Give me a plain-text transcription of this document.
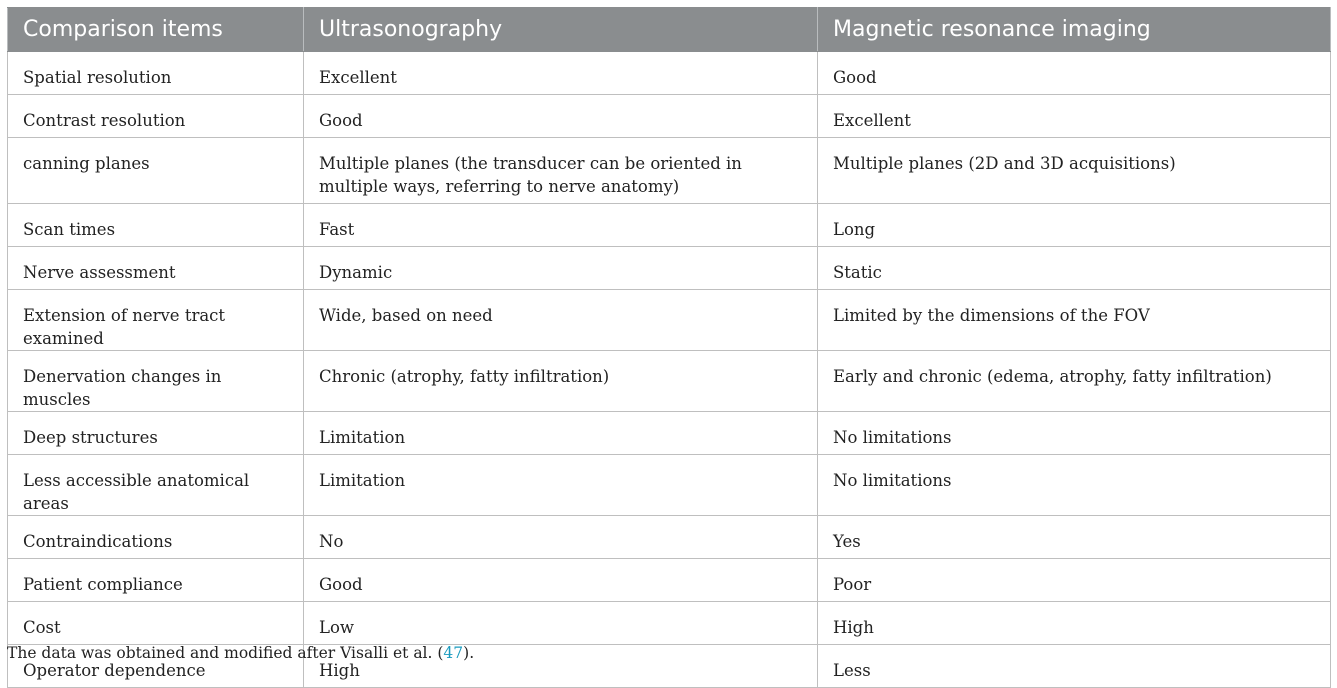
Comparison items	Ultrasonography	Magnetic resonance imaging
Spatial resolution	Excellent	Good
Contrast resolution	Good	Excellent
canning planes	Multiple planes (the transducer can be oriented in multiple ways, referring to nerve anatomy)	Multiple planes (2D and 3D acquisitions)
Scan times	Fast	Long
Nerve assessment	Dynamic	Static
Extension of nerve tract examined	Wide, based on need	Limited by the dimensions of the FOV
Denervation changes in muscles	Chronic (atrophy, fatty infiltration)	Early and chronic (edema, atrophy, fatty infiltration)
Deep structures	Limitation	No limitations
Less accessible anatomical areas	Limitation	No limitations
Contraindications	No	Yes
Patient compliance	Good	Poor
Cost	Low	High
Operator dependence	High	Less
The data was obtained and modified after Visalli et al. (47).
